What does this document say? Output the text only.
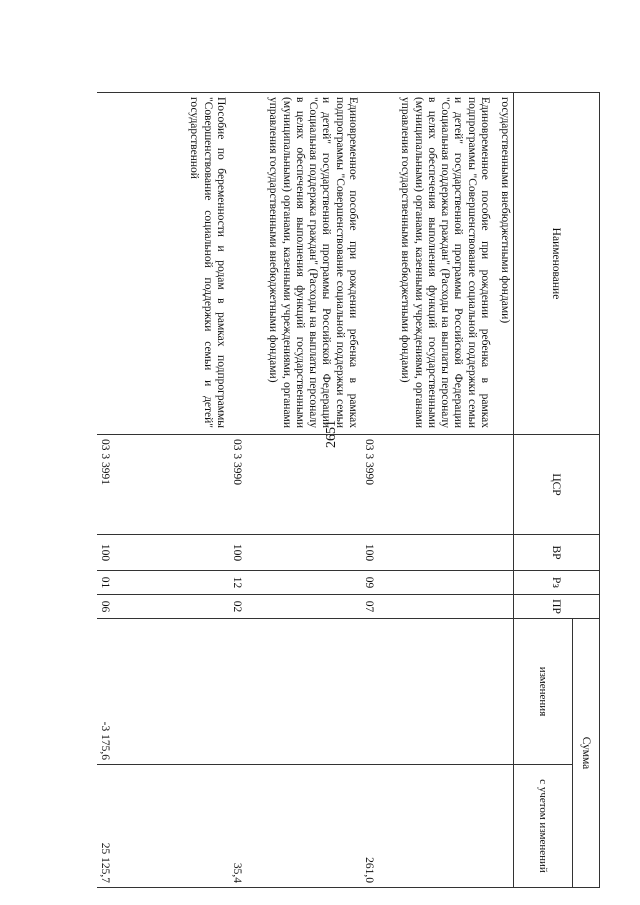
2651
Наименование	ЦСР	ВР	Рз	ПР	Сумма	
					изменения	с учетом изменений
государственными внебюджетными фондами)						
Единовременное пособие при рождении ребенка в рамках подпрограммы "Совершенствование социальной поддержки семьи и детей" государственной программы Российской Федерации "Социальная поддержка граждан" (Расходы на выплаты персоналу в целях обеспечения выполнения функций государственными (муниципальными) органами, казенными учреждениями, органами управления государственными внебюджетными фондами)	03 3 3990	100	09	07		261,0
Единовременное пособие при рождении ребенка в рамках подпрограммы "Совершенствование социальной поддержки семьи и детей" государственной программы Российской Федерации "Социальная поддержка граждан" (Расходы на выплаты персоналу в целях обеспечения выполнения функций государственными (муниципальными) органами, казенными учреждениями, органами управления государственными внебюджетными фондами)	03 3 3990	100	12	02		35,4
Пособие по беременности и родам в рамках подпрограммы "Совершенствование социальной поддержки семьи и детей" государственной	03 3 3991	100	01	06	-3 175,6	25 125,7
